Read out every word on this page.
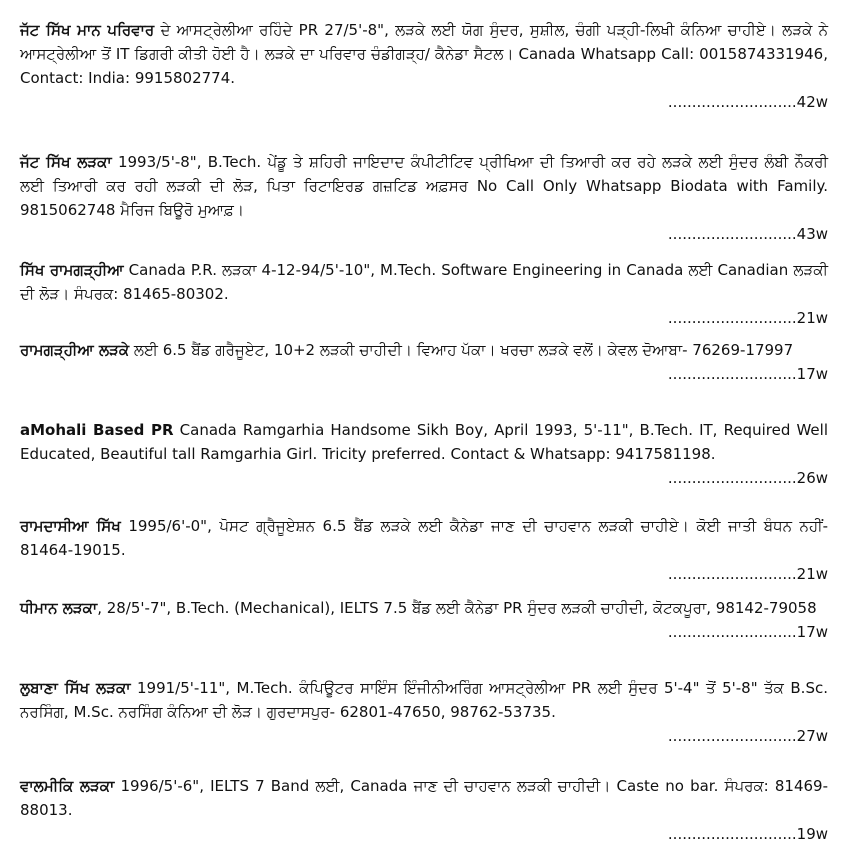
ਜੱਟ ਸਿੱਖ ਮਾਨ ਪਰਿਵਾਰ ਦੇ ਆਸਟ੍ਰੇਲੀਆ ਰਹਿੰਦੇ PR 27/5'-8", ਲੜਕੇ ਲਈ ਯੋਗ ਸੁੰਦਰ, ਸੁਸ਼ੀਲ, ਚੰਗੀ ਪੜ੍ਹੀ-ਲਿਖੀ ਕੰਨਿਆ ਚਾਹੀਏ। ਲੜਕੇ ਨੇ ਆਸਟ੍ਰੇਲੀਆ ਤੋਂ IT ਡਿਗਰੀ ਕੀਤੀ ਹੋਈ ਹੈ। ਲੜਕੇ ਦਾ ਪਰਿਵਾਰ ਚੰਡੀਗੜ੍ਹ/ ਕੈਨੇਡਾ ਸੈਟਲ। Canada Whatsapp Call: 0015874331946, Contact: India: 9915802774.
...........................42w
ਜੱਟ ਸਿੱਖ ਲੜਕਾ 1993/5'-8", B.Tech. ਪੇਂਡੂ ਤੇ ਸ਼ਹਿਰੀ ਜਾਇਦਾਦ ਕੰਪੀਟੀਟਿਵ ਪ੍ਰੀਖਿਆ ਦੀ ਤਿਆਰੀ ਕਰ ਰਹੇ ਲੜਕੇ ਲਈ ਸੁੰਦਰ ਲੰਬੀ ਨੌਕਰੀ ਲਈ ਤਿਆਰੀ ਕਰ ਰਹੀ ਲੜਕੀ ਦੀ ਲੋੜ, ਪਿਤਾ ਰਿਟਾਇਰਡ ਗਜ਼ਟਿਡ ਅਫ਼ਸਰ No Call Only Whatsapp Biodata with Family. 9815062748 ਮੈਰਿਜ ਬਿਊਰੋ ਮੁਆਫ਼।
...........................43w
ਸਿੱਖ ਰਾਮਗੜ੍ਹੀਆ Canada P.R. ਲੜਕਾ 4-12-94/5'-10", M.Tech. Software Engineering in Canada ਲਈ Canadian ਲੜਕੀ ਦੀ ਲੋੜ। ਸੰਪਰਕ: 81465-80302.
...........................21w
ਰਾਮਗੜ੍ਹੀਆ ਲੜਕੇ ਲਈ 6.5 ਬੈਂਡ ਗਰੈਜੂਏਟ, 10+2 ਲੜਕੀ ਚਾਹੀਦੀ। ਵਿਆਹ ਪੱਕਾ। ਖਰਚਾ ਲੜਕੇ ਵਲੋਂ। ਕੇਵਲ ਦੋਆਬਾ- 76269-17997
...........................17w
aMohali Based PR Canada Ramgarhia Handsome Sikh Boy, April 1993, 5'-11", B.Tech. IT, Required Well Educated, Beautiful tall Ramgarhia Girl. Tricity preferred. Contact & Whatsapp: 9417581198.
...........................26w
ਰਾਮਦਾਸੀਆ ਸਿੱਖ 1995/6'-0", ਪੋਸਟ ਗ੍ਰੈਜੂਏਸ਼ਨ 6.5 ਬੈਂਡ ਲੜਕੇ ਲਈ ਕੈਨੇਡਾ ਜਾਣ ਦੀ ਚਾਹਵਾਨ ਲੜਕੀ ਚਾਹੀਏ। ਕੋਈ ਜਾਤੀ ਬੰਧਨ ਨਹੀਂ- 81464-19015.
...........................21w
ਧੀਮਾਨ ਲੜਕਾ, 28/5'-7", B.Tech. (Mechanical), IELTS 7.5 ਬੈਂਡ ਲਈ ਕੈਨੇਡਾ PR ਸੁੰਦਰ ਲੜਕੀ ਚਾਹੀਦੀ, ਕੋਟਕਪੂਰਾ, 98142-79058
...........................17w
ਲੁਬਾਣਾ ਸਿੱਖ ਲੜਕਾ 1991/5'-11", M.Tech. ਕੰਪਿਊਟਰ ਸਾਇੰਸ ਇੰਜੀਨੀਅਰਿੰਗ ਆਸਟ੍ਰੇਲੀਆ PR ਲਈ ਸੁੰਦਰ 5'-4" ਤੋਂ 5'-8" ਤੱਕ B.Sc. ਨਰਸਿੰਗ, M.Sc. ਨਰਸਿੰਗ ਕੰਨਿਆ ਦੀ ਲੋੜ। ਗੁਰਦਾਸਪੁਰ- 62801-47650, 98762-53735.
...........................27w
ਵਾਲਮੀਕਿ ਲੜਕਾ 1996/5'-6", IELTS 7 Band ਲਈ, Canada ਜਾਣ ਦੀ ਚਾਹਵਾਨ ਲੜਕੀ ਚਾਹੀਦੀ। Caste no bar. ਸੰਪਰਕ: 81469-88013.
...........................19w
